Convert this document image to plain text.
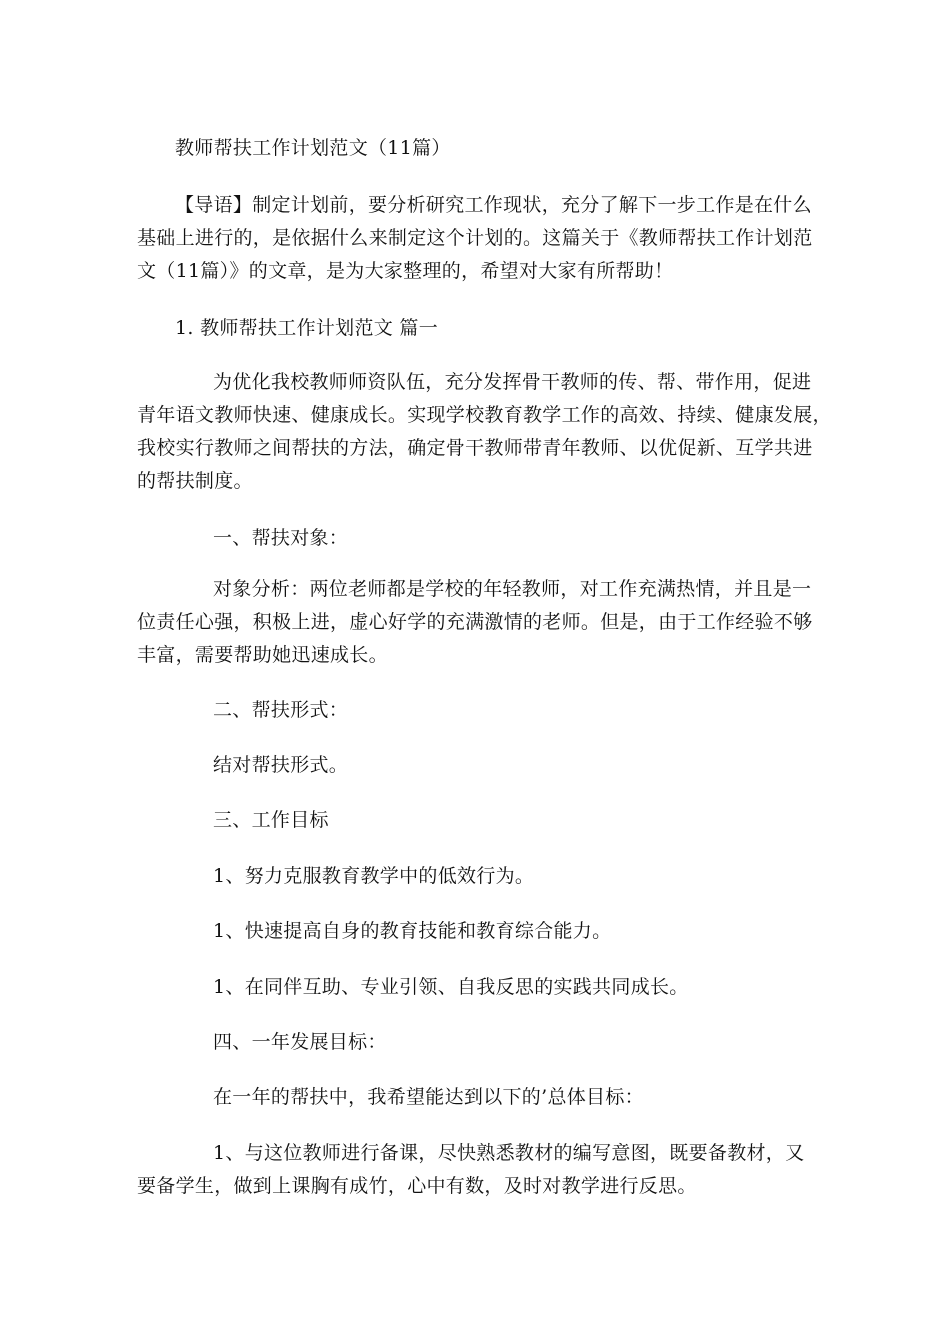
教师帮扶工作计划范文（11篇）
【导语】制定计划前，要分析研究工作现状，充分了解下一步工作是在什么
基础上进行的，是依据什么来制定这个计划的。这篇关于《教师帮扶工作计划范
文（11篇）》的文章，是为大家整理的，希望对大家有所帮助！
1. 教师帮扶工作计划范文 篇一
为优化我校教师师资队伍，充分发挥骨干教师的传、帮、带作用，促进
青年语文教师快速、健康成长。实现学校教育教学工作的高效、持续、健康发展，
我校实行教师之间帮扶的方法，确定骨干教师带青年教师、以优促新、互学共进
的帮扶制度。
一、帮扶对象：
对象分析：两位老师都是学校的年轻教师，对工作充满热情，并且是一
位责任心强，积极上进，虚心好学的充满激情的老师。但是，由于工作经验不够
丰富，需要帮助她迅速成长。
二、帮扶形式：
结对帮扶形式。
三、工作目标
1、努力克服教育教学中的低效行为。
1、快速提高自身的教育技能和教育综合能力。
1、在同伴互助、专业引领、自我反思的实践共同成长。
四、一年发展目标：
在一年的帮扶中，我希望能达到以下的’总体目标：
1、与这位教师进行备课，尽快熟悉教材的编写意图，既要备教材，又
要备学生，做到上课胸有成竹，心中有数，及时对教学进行反思。
